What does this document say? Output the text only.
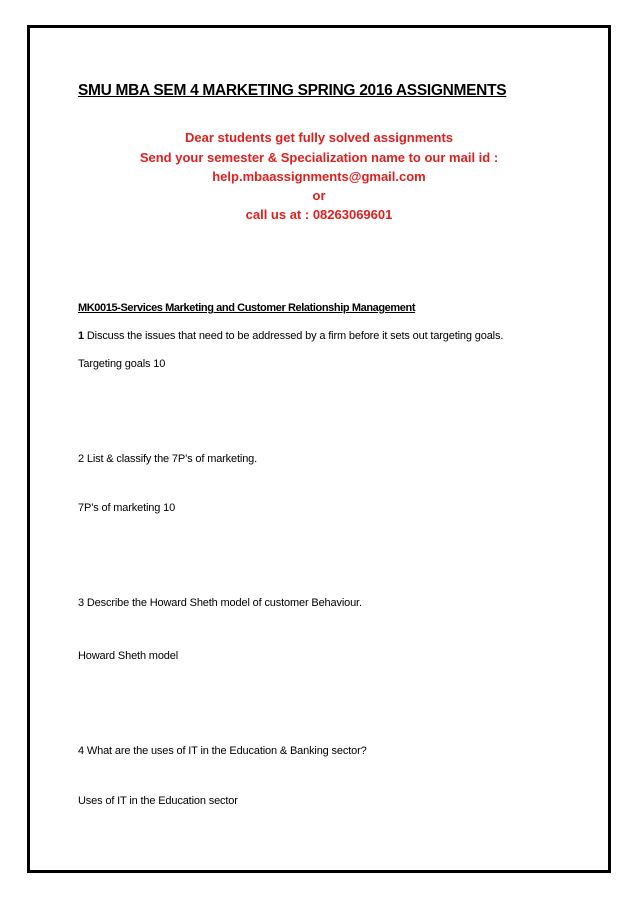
SMU MBA SEM 4 MARKETING SPRING 2016 ASSIGNMENTS
Dear students get fully solved assignments
Send your semester & Specialization name to our mail id :
help.mbaassignments@gmail.com
or
call us at : 08263069601
MK0015-Services Marketing and Customer Relationship Management
1 Discuss the issues that need to be addressed by a firm before it sets out targeting goals.
Targeting goals 10
2 List & classify the 7P’s of marketing.
7P’s of marketing 10
3 Describe the Howard Sheth model of customer Behaviour.
Howard Sheth model
4 What are the uses of IT in the Education & Banking sector?
Uses of IT in the Education sector
